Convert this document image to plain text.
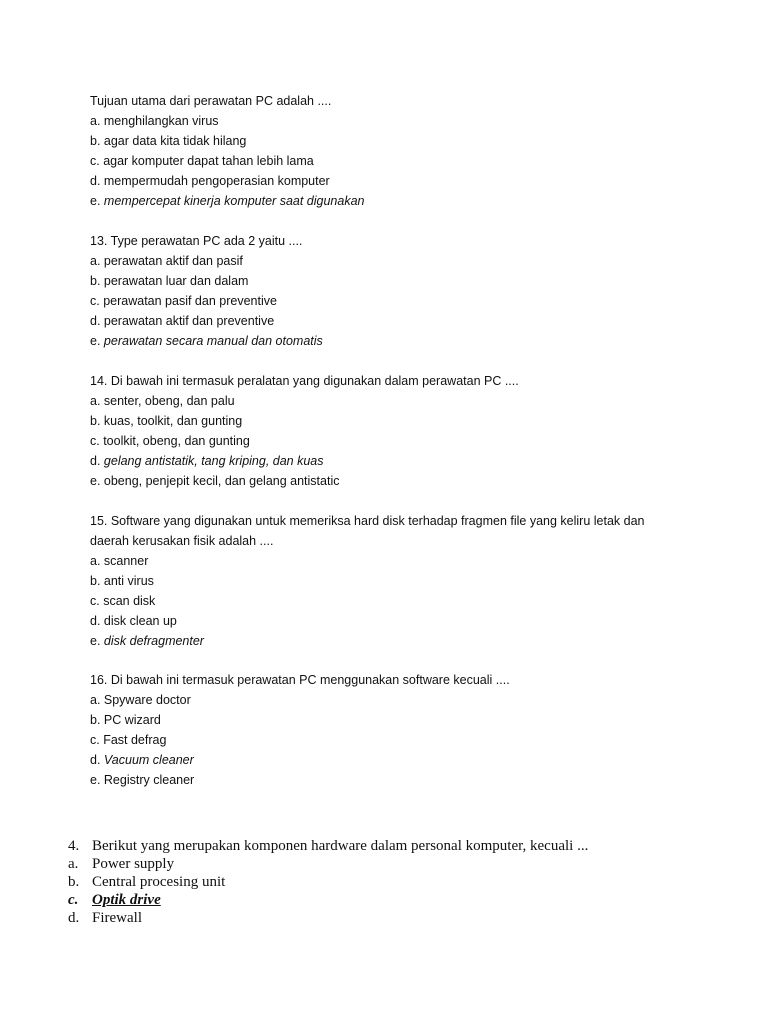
Tujuan utama dari perawatan PC adalah ....
a. menghilangkan virus
b. agar data kita tidak hilang
c. agar komputer dapat tahan lebih lama
d. mempermudah pengoperasian komputer
e. mempercepat kinerja komputer saat digunakan
13. Type perawatan PC ada 2 yaitu ....
a. perawatan aktif dan pasif
b. perawatan luar dan dalam
c. perawatan pasif dan preventive
d. perawatan aktif dan preventive
e. perawatan secara manual dan otomatis
14. Di bawah ini termasuk peralatan yang digunakan dalam perawatan PC ....
a. senter, obeng, dan palu
b. kuas, toolkit, dan gunting
c. toolkit, obeng, dan gunting
d. gelang antistatik, tang kriping, dan kuas
e. obeng, penjepit kecil, dan gelang antistatic
15. Software yang digunakan untuk memeriksa hard disk terhadap fragmen file yang keliru letak dan
daerah kerusakan fisik adalah ....
a. scanner
b. anti virus
c. scan disk
d. disk clean up
e. disk defragmenter
16. Di bawah ini termasuk perawatan PC menggunakan software kecuali ....
a. Spyware doctor
b. PC wizard
c. Fast defrag
d. Vacuum cleaner
e. Registry cleaner
4. Berikut yang merupakan komponen hardware dalam personal komputer, kecuali ...
a. Power supply
b. Central procesing unit
c. Optik drive
d. Firewall
